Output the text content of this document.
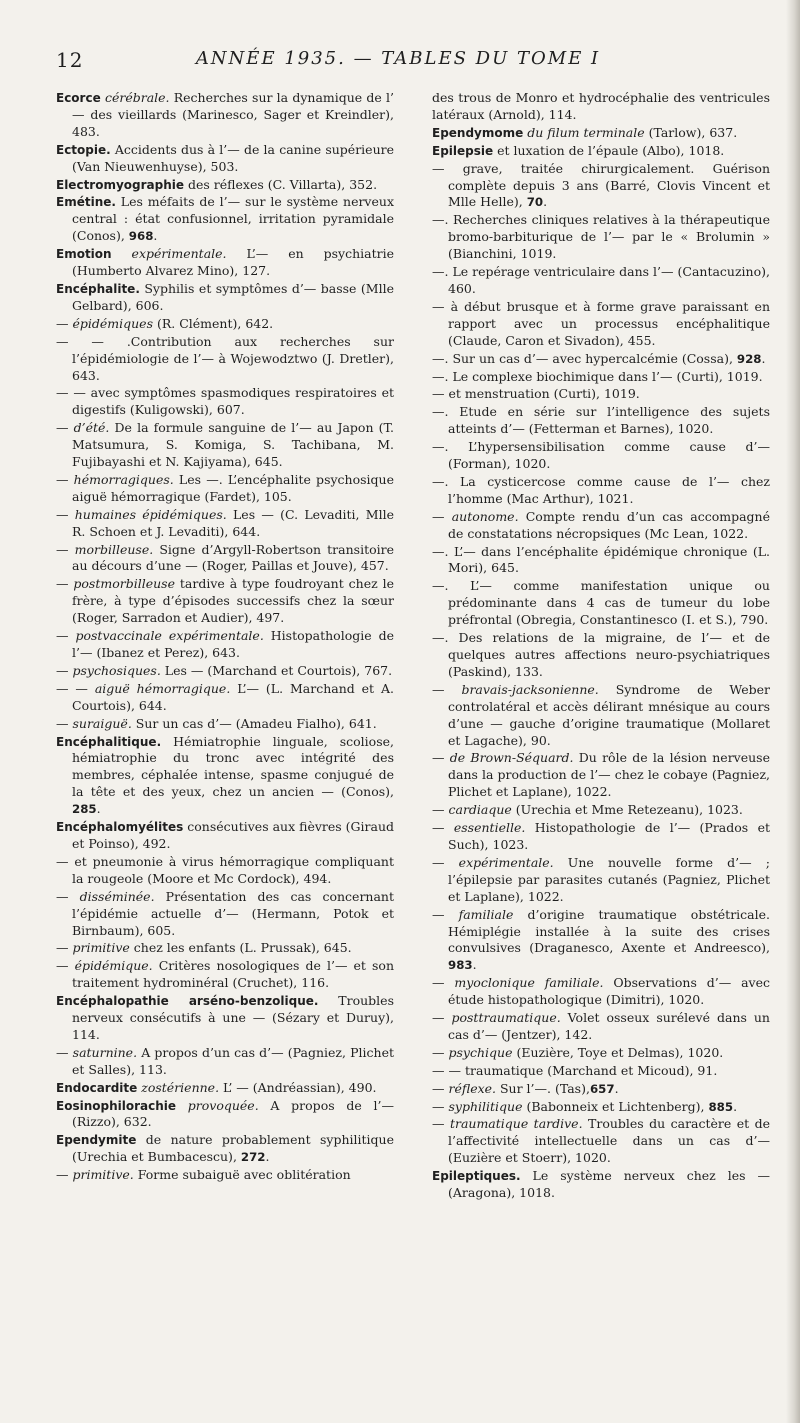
12	ANNÉE 1935. — TABLES DU TOME I

Ecorce cérébrale. Recherches sur la dynamique de l’ — des vieillards (Marinesco, Sager et Kreindler), 483.

Ectopie. Accidents dus à l’— de la canine supérieure (Van Nieuwenhuyse), 503.

Electromyographie des réflexes (C. Villarta), 352.

Emétine. Les méfaits de l’— sur le système nerveux central : état confusionnel, irritation pyramidale (Conos), 968.

Emotion expérimentale. L’— en psychiatrie (Humberto Alvarez Mino), 127.

Encéphalite. Syphilis et symptômes d’— basse (Mlle Gelbard), 606.

— épidémiques (R. Clément), 642.

— — .Contribution aux recherches sur l’épidémiologie de l’— à Wojewodztwo (J. Dretler), 643.

— — avec symptômes spasmodiques respiratoires et digestifs (Kuligowski), 607.

— d’été. De la formule sanguine de l’— au Japon (T. Matsumura, S. Komiga, S. Tachibana, M. Fujibayashi et N. Kajiyama), 645.

— hémorragiques. Les —. L’encéphalite psychosique aiguë hémorragique (Fardet), 105.

— humaines épidémiques. Les — (C. Levaditi, Mlle R. Schoen et J. Levaditi), 644.

— morbilleuse. Signe d’Argyll-Robertson transitoire au décours d’une — (Roger, Paillas et Jouve), 457.

— postmorbilleuse tardive à type foudroyant chez le frère, à type d’épisodes successifs chez la sœur (Roger, Sarradon et Audier), 497.

— postvaccinale expérimentale. Histopathologie de l’— (Ibanez et Perez), 643.

— psychosiques. Les — (Marchand et Courtois), 767.

— — aiguë hémorragique. L’— (L. Marchand et A. Courtois), 644.

— suraiguë. Sur un cas d’— (Amadeu Fialho), 641.

Encéphalitique. Hémiatrophie linguale, scoliose, hémiatrophie du tronc avec intégrité des membres, céphalée intense, spasme conjugué de la tête et des yeux, chez un ancien — (Conos), 285.

Encéphalomyélites consécutives aux fièvres (Giraud et Poinso), 492.

— et pneumonie à virus hémorragique compliquant la rougeole (Moore et Mc Cordock), 494.

— disséminée. Présentation des cas concernant l’épidémie actuelle d’— (Hermann, Potok et Birnbaum), 605.

— primitive chez les enfants (L. Prussak), 645.

— épidémique. Critères nosologiques de l’— et son traitement hydrominéral (Cruchet), 116.

Encéphalopathie arséno-benzolique. Troubles nerveux consécutifs à une — (Sézary et Duruy), 114.

— saturnine. A propos d’un cas d’— (Pagniez, Plichet et Salles), 113.

Endocardite zostérienne. L’ — (Andréassian), 490.

Eosinophilorachie provoquée. A propos de l’— (Rizzo), 632.

Ependymite de nature probablement syphilitique (Urechia et Bumbacescu), 272.

— primitive. Forme subaiguë avec oblitération

des trous de Monro et hydrocéphalie des ventricules latéraux (Arnold), 114.

Ependymome du filum terminale (Tarlow), 637.

Epilepsie et luxation de l’épaule (Albo), 1018.

— grave, traitée chirurgicalement. Guérison complète depuis 3 ans (Barré, Clovis Vincent et Mlle Helle), 70.

—. Recherches cliniques relatives à la thérapeutique bromo-barbiturique de l’— par le « Brolumin » (Bianchini, 1019.

—. Le repérage ventriculaire dans l’— (Cantacuzino), 460.

— à début brusque et à forme grave paraissant en rapport avec un processus encéphalitique (Claude, Caron et Sivadon), 455.

—. Sur un cas d’— avec hypercalcémie (Cossa), 928.

—. Le complexe biochimique dans l’— (Curti), 1019.

— et menstruation (Curti), 1019.

—. Etude en série sur l’intelligence des sujets atteints d’— (Fetterman et Barnes), 1020.

—. L’hypersensibilisation comme cause d’— (Forman), 1020.

—. La cysticercose comme cause de l’— chez l’homme (Mac Arthur), 1021.

— autonome. Compte rendu d’un cas accompagné de constatations nécropsiques (Mc Lean, 1022.

—. L’— dans l’encéphalite épidémique chronique (L. Mori), 645.

—. L’— comme manifestation unique ou prédominante dans 4 cas de tumeur du lobe préfrontal (Obregia, Constantinesco (I. et S.), 790.

—. Des relations de la migraine, de l’— et de quelques autres affections neuro-psychiatriques (Paskind), 133.

— bravais-jacksonienne. Syndrome de Weber controlatéral et accès délirant mnésique au cours d’une — gauche d’origine traumatique (Mollaret et Lagache), 90.

— de Brown-Séquard. Du rôle de la lésion nerveuse dans la production de l’— chez le cobaye (Pagniez, Plichet et Laplane), 1022.

— cardiaque (Urechia et Mme Retezeanu), 1023.

— essentielle. Histopathologie de l’— (Prados et Such), 1023.

— expérimentale. Une nouvelle forme d’— ; l’épilepsie par parasites cutanés (Pagniez, Plichet et Laplane), 1022.

— familiale d’origine traumatique obstétricale. Hémiplégie installée à la suite des crises convulsives (Draganesco, Axente et Andreesco), 983.

— myoclonique familiale. Observations d’— avec étude histopathologique (Dimitri), 1020.

— posttraumatique. Volet osseux surélevé dans un cas d’— (Jentzer), 142.

— psychique (Euzière, Toye et Delmas), 1020.

— — traumatique (Marchand et Micoud), 91.

— réflexe. Sur l’—. (Tas),657.

— syphilitique (Babonneix et Lichtenberg), 885.

— traumatique tardive. Troubles du caractère et de l’affectivité intellectuelle dans un cas d’— (Euzière et Stoerr), 1020.

Epileptiques. Le système nerveux chez les — (Aragona), 1018.
